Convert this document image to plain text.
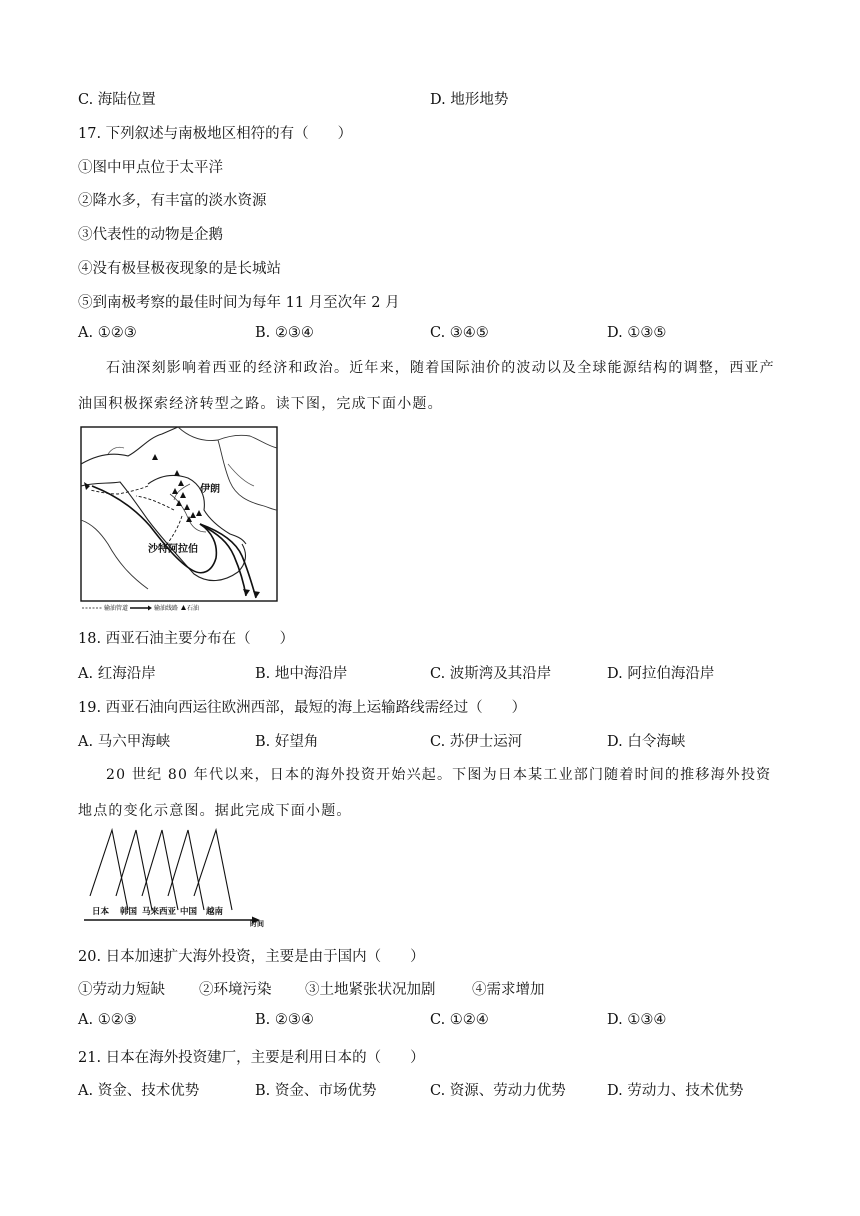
C. 海陆位置	D. 地形地势
17. 下列叙述与南极地区相符的有（　　）
①图中甲点位于太平洋
②降水多，有丰富的淡水资源
③代表性的动物是企鹅
④没有极昼极夜现象的是长城站
⑤到南极考察的最佳时间为每年 11 月至次年 2 月
A. ①②③	B. ②③④	C. ③④⑤	D. ①③⑤
石油深刻影响着西亚的经济和政治。近年来，随着国际油价的波动以及全球能源结构的调整，西亚产油国积极探索经济转型之路。读下图，完成下面小题。
伊朗
沙特阿拉伯
输油管道	输油线路 石油
18. 西亚石油主要分布在（　　）
A. 红海沿岸	B. 地中海沿岸	C. 波斯湾及其沿岸	D. 阿拉伯海沿岸
19. 西亚石油向西运往欧洲西部，最短的海上运输路线需经过（　　）
A. 马六甲海峡	B. 好望角	C. 苏伊士运河	D. 白令海峡
20 世纪 80 年代以来，日本的海外投资开始兴起。下图为日本某工业部门随着时间的推移海外投资地点的变化示意图。据此完成下面小题。
日本 韩国 马来西亚 中国 越南
时间
20. 日本加速扩大海外投资，主要是由于国内（　　）
①劳动力短缺 ②环境污染 ③土地紧张状况加剧	④需求增加
A. ①②③	B. ②③④	C. ①②④	D. ①③④
21. 日本在海外投资建厂，主要是利用日本的（　　）
A. 资金、技术优势	B. 资金、市场优势	C. 资源、劳动力优势	D. 劳动力、技术优势
